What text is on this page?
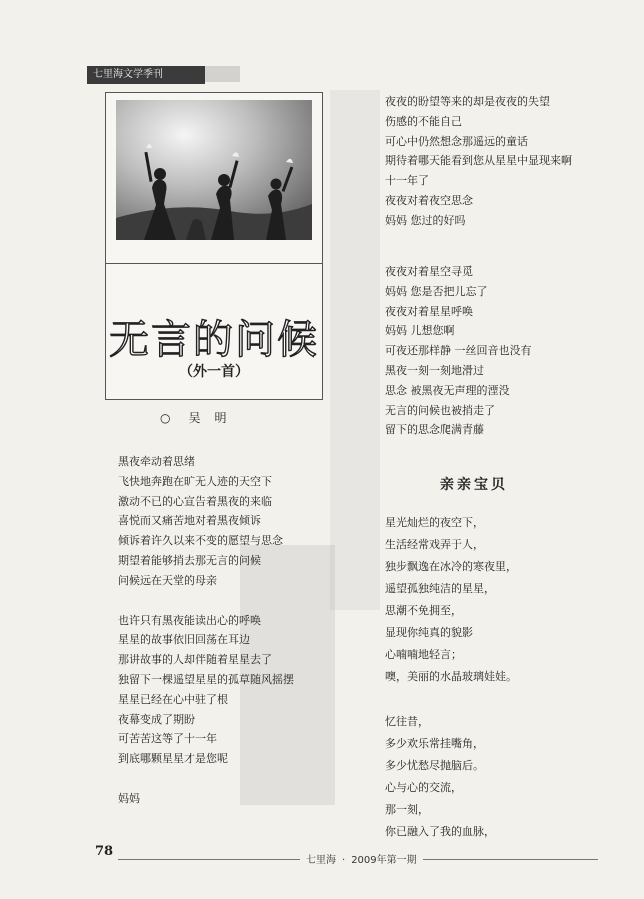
七里海文学季刊
无言的问候
（外一首）
○ 吴明
黑夜牵动着思绪
飞快地奔跑在旷无人迹的天空下
激动不已的心宣告着黑夜的来临
喜悦而又痛苦地对着黑夜倾诉
倾诉着许久以来不变的愿望与思念
期望着能够捎去那无言的问候
问候远在天堂的母亲
也许只有黑夜能读出心的呼唤
星星的故事依旧回荡在耳边
那讲故事的人却伴随着星星去了
独留下一棵遥望星星的孤草随风摇摆
星星已经在心中驻了根
夜幕变成了期盼
可苦苦这等了十一年
到底哪颗星星才是您呢
妈妈
夜夜的盼望等来的却是夜夜的失望
伤感的不能自己
可心中仍然想念那遥远的童话
期待着哪天能看到您从星星中显现来啊
十一年了
夜夜对着夜空思念
妈妈 您过的好吗
夜夜对着星空寻觅
妈妈 您是否把儿忘了
夜夜对着星星呼唤
妈妈 儿想您啊
可夜还那样静 一丝回音也没有
黑夜一刻一刻地滑过
思念 被黑夜无声理的湮没
无言的问候也被捎走了
留下的思念爬满青藤
亲亲宝贝
星光灿烂的夜空下，
生活经常戏弄于人，
独步飘逸在冰冷的寒夜里，
遥望孤独纯洁的星星，
思潮不免拥至，
显现你纯真的貌影
心喃喃地轻言；
噢，美丽的水晶玻璃娃娃。
忆往昔，
多少欢乐常挂嘴角，
多少忧愁尽抛脑后。
心与心的交流，
那一刻，
你已融入了我的血脉，
78
七里海 · 2009年第一期
